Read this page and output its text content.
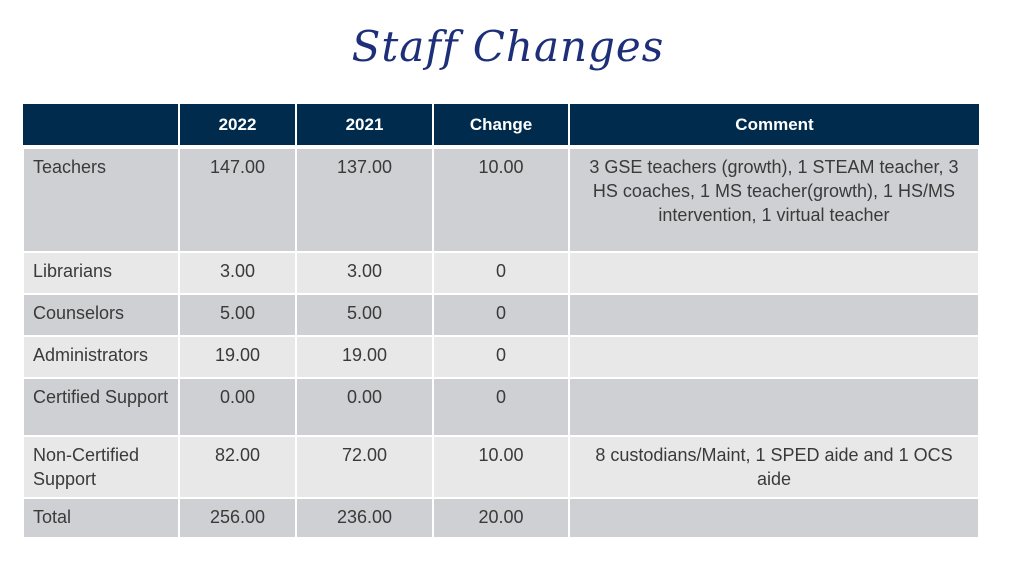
Staff Changes
	2022	2021	Change	Comment
Teachers	147.00	137.00	10.00	3 GSE teachers (growth), 1 STEAM teacher, 3 HS coaches, 1 MS teacher(growth), 1 HS/MS intervention, 1 virtual teacher
Librarians	3.00	3.00	0	
Counselors	5.00	5.00	0	
Administrators	19.00	19.00	0	
Certified Support	0.00	0.00	0	
Non-Certified Support	82.00	72.00	10.00	8 custodians/Maint, 1 SPED aide and 1 OCS aide
Total	256.00	236.00	20.00	
